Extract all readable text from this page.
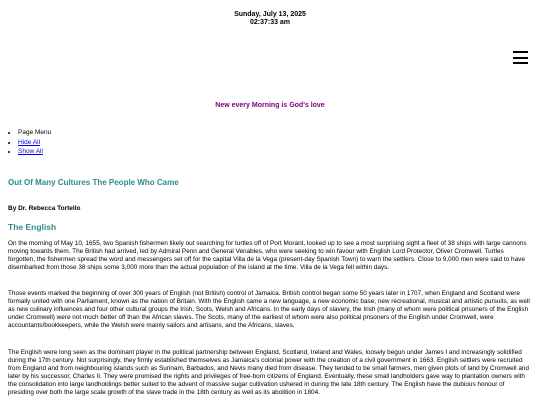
Sunday, July 13, 2025
02:37:33 am
New every Morning is God's love
• Page Menu
• Hide All
• Show All
Out Of Many Cultures The People Who Came
By Dr. Rebecca Tortello
The English

On the morning of May 10, 1655, two Spanish fishermen likely out searching for turtles off of Port Morant, looked up to see a most surprising sight a fleet of 38 ships with large cannons moving towards them. The British had arrived, led by Admiral Penn and General Venables, who were seeking to win favour with English Lord Protector, Oliver Cromwell. Turtles forgotten, the fishermen spread the word and messengers set off for the capital Villa de la Vega (present-day Spanish Town) to warn the settlers. Close to 9,000 men were said to have disembarked from those 38 ships some 3,000 more than the actual population of the island at the time. Villa de la Vega fell within days.

Those events marked the beginning of over 300 years of English (not British) control of Jamaica. British control began some 50 years later in 1707, when England and Scotland were formally united with one Parliament, known as the nation of Britain. With the English came a new language, a new economic base, new recreational, musical and artistic pursuits, as well as new culinary influences and four other cultural groups the Irish, Scots, Welsh and Africans. In the early days of slavery, the Irish (many of whom were political prisoners of the English under Cromwell) were not much better off than the African slaves. The Scots, many of the earliest of whom were also political prisoners of the English under Cromwell, were accountants/bookkeepers, while the Welsh were mainly sailors and artisans, and the Africans, slaves.

The English were long seen as the dominant player in the political partnership between England, Scotland, Ireland and Wales, loosely begun under James I and increasingly solidified during the 17th century. Not surprisingly, they firmly established themselves as Jamaica's colonial power with the creation of a civil government in 1663. English settlers were recruited from England and from neighbouring islands such as Surinam, Barbados, and Nevis many died from disease. They tended to be small farmers, men given plots of land by Cromwell and later by his successor, Charles II. They were promised the rights and privileges of free-born citizens of England. Eventually, these small landholders gave way to plantation owners with the consolidation into large landholdings better suited to the advent of massive sugar cultivation ushered in during the late 18th century. The English have the dubious honour of presiding over both the large scale growth of the slave trade in the 18th century as well as its abolition in 1804.
